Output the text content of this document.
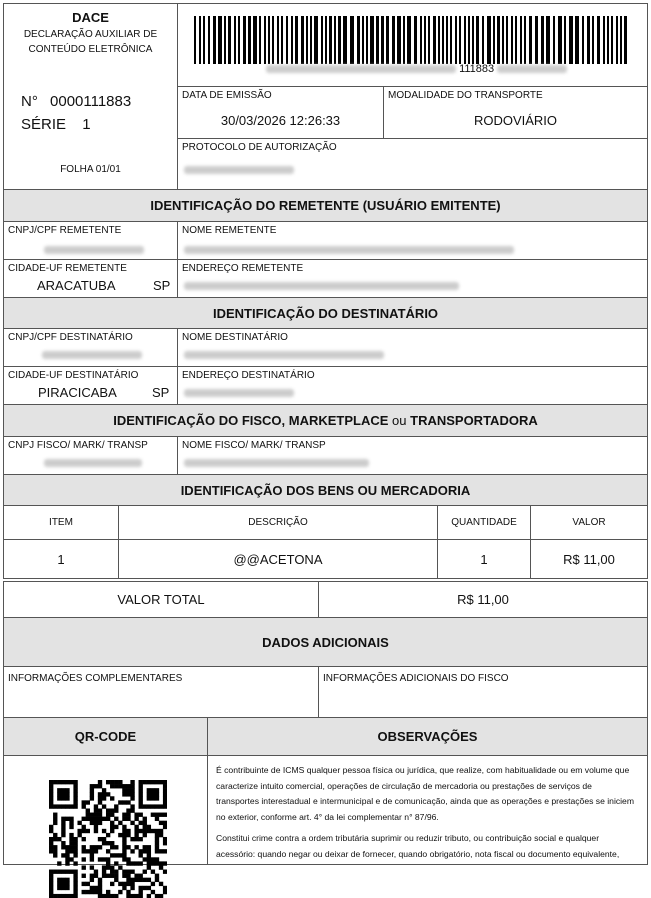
DACE
DECLARAÇÃO AUXILIAR DE CONTEÚDO ELETRÔNICA
N° 0000111883
SÉRIE 1
FOLHA 01/01
111883
DATA DE EMISSÃO
30/03/2026 12:26:33
MODALIDADE DO TRANSPORTE
RODOVIÁRIO
PROTOCOLO DE AUTORIZAÇÃO
IDENTIFICAÇÃO DO REMETENTE (USUÁRIO EMITENTE)
CNPJ/CPF REMETENTE	NOME REMETENTE
CIDADE-UF REMETENTE
ARACATUBA	SP
ENDEREÇO REMETENTE
IDENTIFICAÇÃO DO DESTINATÁRIO
CNPJ/CPF DESTINATÁRIO	NOME DESTINATÁRIO
CIDADE-UF DESTINATÁRIO
PIRACICABA	SP
ENDEREÇO DESTINATÁRIO
IDENTIFICAÇÃO DO FISCO, MARKETPLACE ou TRANSPORTADORA
CNPJ FISCO/ MARK/ TRANSP	NOME FISCO/ MARK/ TRANSP
IDENTIFICAÇÃO DOS BENS OU MERCADORIA
ITEM	DESCRIÇÃO	QUANTIDADE	VALOR
1	@@ACETONA	1	R$ 11,00
VALOR TOTAL	R$ 11,00
DADOS ADICIONAIS
INFORMAÇÕES COMPLEMENTARES	INFORMAÇÕES ADICIONAIS DO FISCO
QR-CODE	OBSERVAÇÕES
É contribuinte de ICMS qualquer pessoa física ou jurídica, que realize, com habitualidade ou em volume que caracterize intuito comercial, operações de circulação de mercadoria ou prestações de serviços de transportes interestadual e intermunicipal e de comunicação, ainda que as operações e prestações se iniciem no exterior, conforme art. 4° da lei complementar n° 87/96.
Constitui crime contra a ordem tributária suprimir ou reduzir tributo, ou contribuição social e qualquer acessório: quando negar ou deixar de fornecer, quando obrigatório, nota fiscal ou documento equivalente,
